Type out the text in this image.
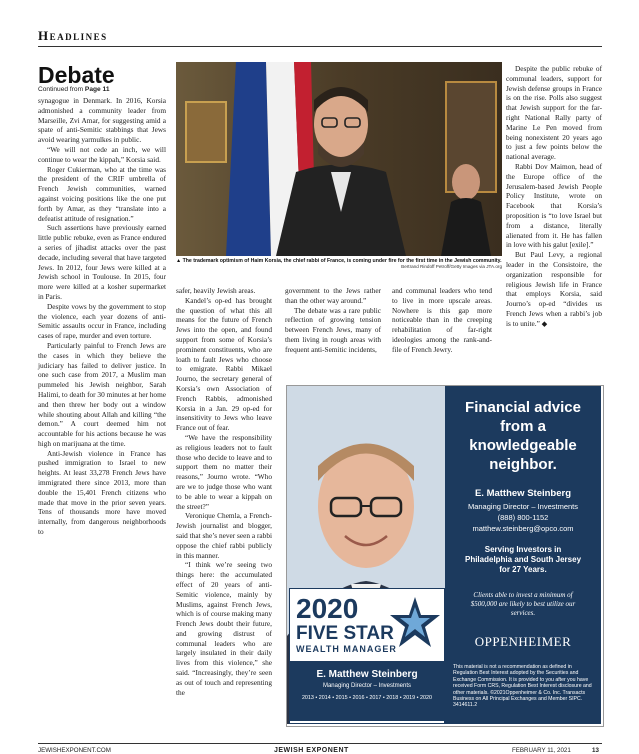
Headlines
Debate
Continued from Page 11

synagogue in Denmark. In 2016, Korsia admonished a community leader from Marseille, Zvi Amar, for suggesting amid a spate of anti-Semitic stabbings that Jews avoid wearing yarmulkes in public.

“We will not cede an inch, we will continue to wear the kippah,” Korsia said.

Roger Cukierman, who at the time was the president of the CRIF umbrella of French Jewish communities, warned against voicing positions like the one put forth by Amar, as they “translate into a defeatist attitude of resignation.”

Such assertions have previously earned little public rebuke, even as France endured a series of jihadist attacks over the past decade, including several that have targeted Jews. In 2012, four Jews were killed at a Jewish school in Toulouse. In 2015, four more were killed at a kosher supermarket in Paris.

Despite vows by the government to stop the violence, each year dozens of anti-Semitic assaults occur in France, including cases of rape, murder and even torture.

Particularly painful to French Jews are the cases in which they believe the judiciary has failed to deliver justice. In one such case from 2017, a Muslim man pummeled his Jewish neighbor, Sarah Halimi, to death for 30 minutes at her home and then threw her body out a window while shouting about Allah and killing “the demon.” A court deemed him not accountable for his actions because he was high on marijuana at the time.

Anti-Jewish violence in France has pushed immigration to Israel to new heights. At least 33,278 French Jews have immigrated there since 2013, more than double the 15,401 French citizens who made that move in the prior seven years. Tens of thousands more have moved internally, from dangerous neighborhoods to

▲ The trademark optimism of Haim Korsia, the chief rabbi of France, is coming under fire for the first time in the Jewish community.
Bertrand Rindoff Petroff/Getty Images via JTA.org

safer, heavily Jewish areas.

Kandel’s op-ed has brought the question of what this all means for the future of French Jews into the open, and found support from some of Korsia’s prominent constituents, who are loath to fault Jews who choose to emigrate. Rabbi Mikael Journo, the secretary general of Korsia’s own Association of French Rabbis, admonished Korsia in a Jan. 29 op-ed for insensitivity to Jews who leave France out of fear.

“We have the responsibility as religious leaders not to fault those who decide to leave and to support them no matter their reasons,” Journo wrote. “Who are we to judge those who want to be able to wear a kippah on the street?”

Veronique Chemla, a French-Jewish journalist and blogger, said that she’s never seen a rabbi oppose the chief rabbi publicly in this manner.

“I think we’re seeing two things here: the accumulated effect of 20 years of anti-Semitic violence, mainly by Muslims, against French Jews, which is of course making many French Jews doubt their future, and growing distrust of communal leaders who are largely insulated in their daily lives from this violence,” she said. “Increasingly, they’re seen as out of touch and representing the

government to the Jews rather than the other way around.”

The debate was a rare public reflection of growing tension between French Jews, many of them living in rough areas with frequent anti-Semitic incidents,

and communal leaders who tend to live in more upscale areas. Nowhere is this gap more noticeable than in the creeping rehabilitation of far-right ideologies among the rank-and-file of French Jewry.

Despite the public rebuke of communal leaders, support for Jewish defense groups in France is on the rise. Polls also suggest that Jewish support for the far-right National Rally party of Marine Le Pen moved from being nonexistent 20 years ago to just a few points below the national average.

Rabbi Dov Maimon, head of the Europe office of the Jerusalem-based Jewish People Policy Institute, wrote on Facebook that Korsia’s proposition is “to love Israel but from a distance, literally alienated from it. He has fallen in love with his galut [exile].”

But Paul Levy, a regional leader in the Consistoire, the organization responsible for religious Jewish life in France that employs Korsia, said Journo’s op-ed “divides us French Jews when a rabbi’s job is to unite.” ◆

2020
FIVE STAR
WEALTH MANAGER
E. Matthew Steinberg
Managing Director – Investments
2013 • 2014 • 2015 • 2016 • 2017 • 2018 • 2019 • 2020
Financial advice from a knowledgeable neighbor.
E. Matthew Steinberg
Managing Director – Investments
(888) 800-1152
matthew.steinberg@opco.com
Serving Investors in Philadelphia and South Jersey for 27 Years.
Clients able to invest a minimum of $500,000 are likely to best utilize our services.
OPPENHEIMER
This material is not a recommendation as defined in Regulation Best Interest adopted by the Securities and Exchange Commission. It is provided to you after you have received Form CRS, Regulation Best Interest disclosure and other materials. ©2021Oppenheimer & Co. Inc. Transacts Business on All Principal Exchanges and Member SIPC. 3414611.2
JEWISHEXPONENT.COM	JEWISH EXPONENT	FEBRUARY 11, 2021	13
